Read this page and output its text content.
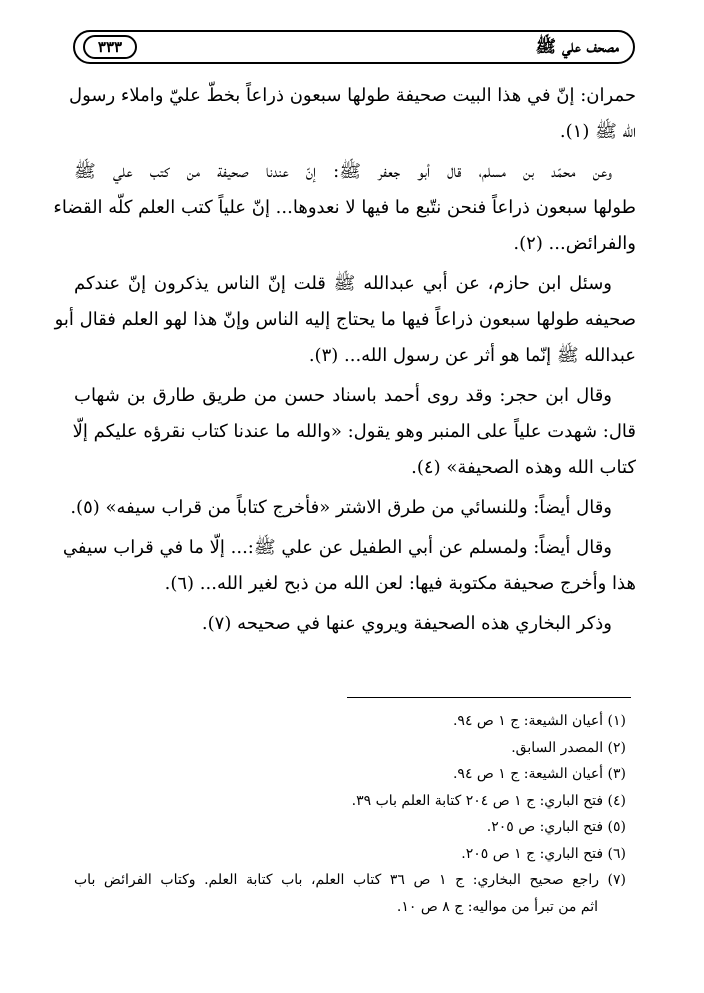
مصحف علي ﷺ
٣٣٣
حمران: إنّ في هذا البيت صحيفة طولها سبعون ذراعاً بخطّ عليّ واملاء رسول
الله ﷺ (١).
وعن محمّد بن مسلم، قال أبو جعفر ﷺ: إنّ عندنا صحيفة من كتب علي ﷺ
طولها سبعون ذراعاً فنحن نتّبع ما فيها لا نعدوها... إنّ علياً كتب العلم كلّه القضاء
والفرائض... (٢).
وسئل ابن حازم، عن أبي عبدالله ﷺ قلت إنّ الناس يذكرون إنّ عندكم
صحيفه طولها سبعون ذراعاً فيها ما يحتاج إليه الناس وإنّ هذا لهو العلم فقال أبو
عبدالله ﷺ إنّما هو أثر عن رسول الله... (٣).
وقال ابن حجر: وقد روى أحمد باسناد حسن من طريق طارق بن شهاب
قال: شهدت علياً على المنبر وهو يقول: «والله ما عندنا كتاب نقرؤه عليكم إلّا
كتاب الله وهذه الصحيفة» (٤).
وقال أيضاً: وللنسائي من طرق الاشتر «فأخرج كتاباً من قراب سيفه» (٥).
وقال أيضاً: ولمسلم عن أبي الطفيل عن علي ﷺ:... إلّا ما في قراب سيفي
هذا وأخرج صحيفة مكتوبة فيها: لعن الله من ذبح لغير الله... (٦).
وذكر البخاري هذه الصحيفة ويروي عنها في صحيحه (٧).
(١) أعيان الشيعة: ج ١ ص ٩٤.
(٢) المصدر السابق.
(٣) أعيان الشيعة: ج ١ ص ٩٤.
(٤) فتح الباري: ج ١ ص ٢٠٤ كتابة العلم باب ٣٩.
(٥) فتح الباري: ص ٢٠٥.
(٦) فتح الباري: ج ١ ص ٢٠٥.
(٧) راجع صحيح البخاري: ج ١ ص ٣٦ كتاب العلم، باب كتابة العلم. وكتاب الفرائض باب
اثم من تبرأ من مواليه: ج ٨ ص ١٠.
